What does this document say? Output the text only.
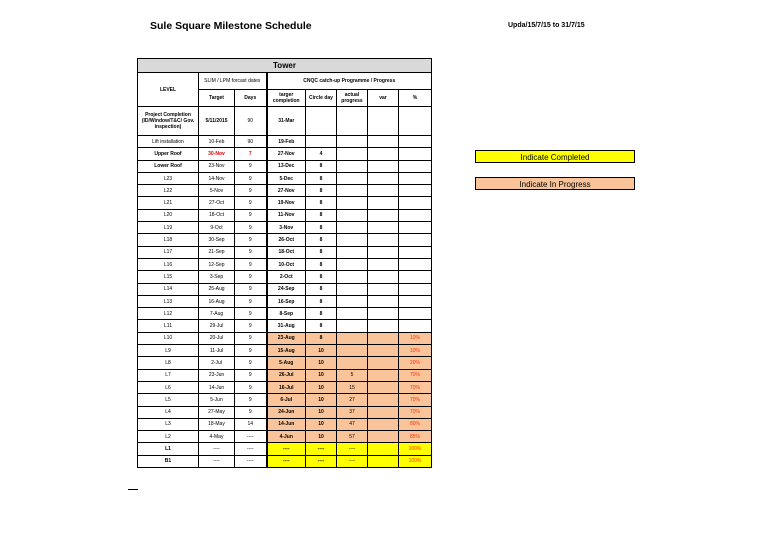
Sule Square Milestone Schedule	Upda/15/7/15 to 31/7/15
Indicate Completed
Indicate In Progress
Tower							
LEVEL	SLIM / LPM forcast dates		CNQC catch-up Programme / Progress				
	Target	Days	targer completion	Circle day	actual progress	var	%
Project Completion (ID/Window/T&C/ Gov. inspection)	5/11/2015	90	31-Mar				
Lift installation	10-Feb	90	19-Feb				
Upper Roof	30-Nov	7	27-Nov	4			
Lower Roof	23-Nov	9	13-Dec	8			
L23	14-Nov	9	5-Dec	8			
L22	5-Nov	9	27-Nov	8			
L21	27-Oct	9	19-Nov	8			
L20	18-Oct	9	11-Nov	8			
L19	9-Oct	9	3-Nov	8			
L18	30-Sep	9	26-Oct	8			
L17	21-Sep	9	18-Oct	8			
L16	12-Sep	9	10-Oct	8			
L15	3-Sep	9	2-Oct	8			
L14	25-Aug	9	24-Sep	8			
L13	16-Aug	9	16-Sep	8			
L12	7-Aug	9	8-Sep	8			
L11	29-Jul	9	31-Aug	8			
L10	20-Jul	9	23-Aug	8			10%
L9	11-Jul	9	15-Aug	10			10%
L8	2-Jul	9	5-Aug	10			20%
L7	23-Jun	9	26-Jul	10	5		70%
L6	14-Jun	9	16-Jul	10	15		70%
L5	5-Jun	9	6-Jul	10	27		70%
L4	27-May	9	24-Jun	10	37		70%
L3	18-May	14	14-Jun	10	47		80%
L2	4-May	----	4-Jun	10	57		85%
L1	----	----	----	----	----		100%
B1	----	----	----	----	----		100%
